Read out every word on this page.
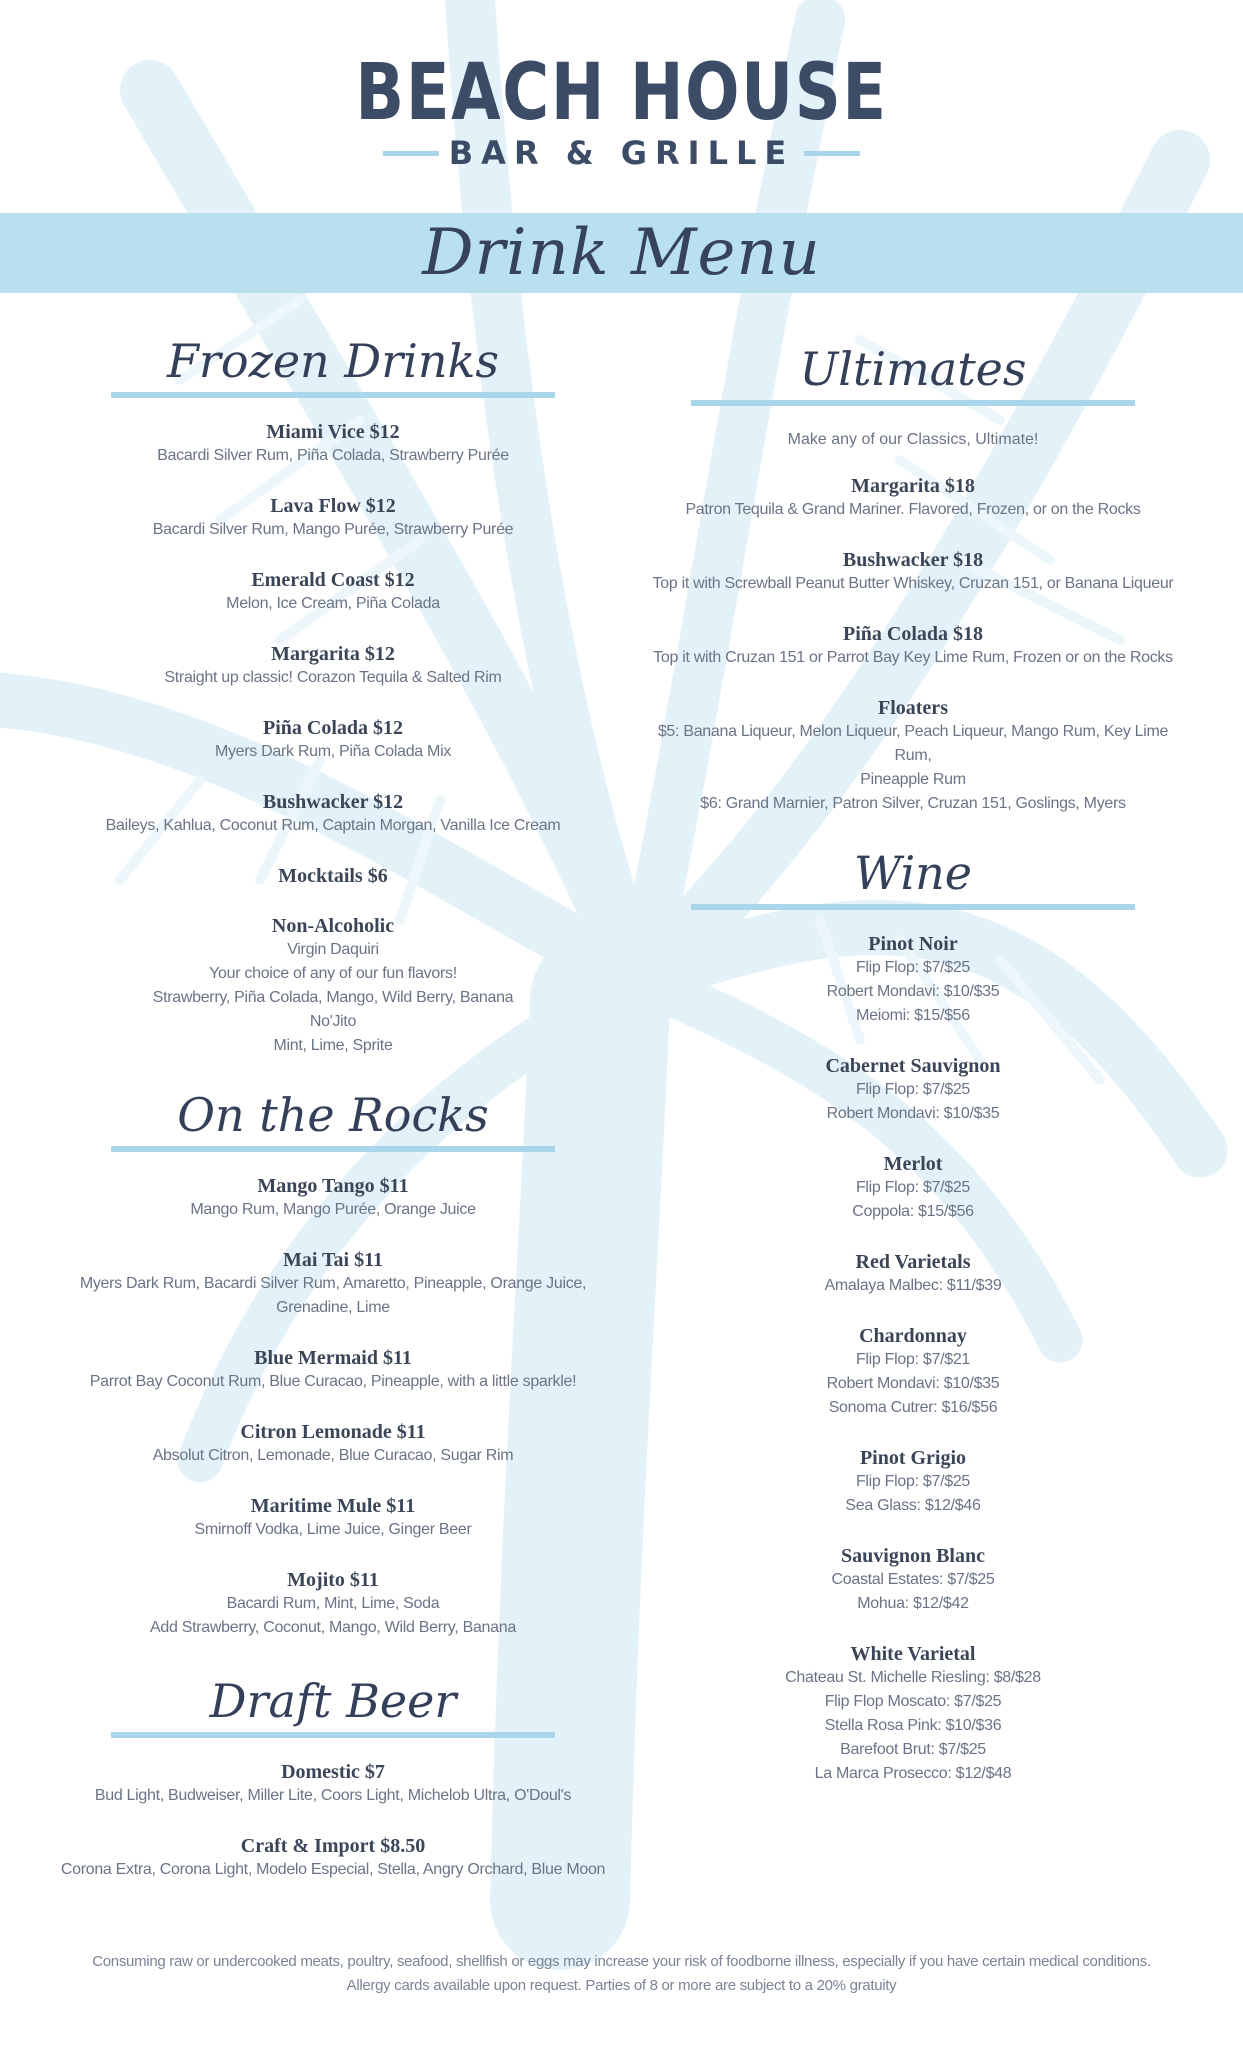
BEACH HOUSE
BAR & GRILLE
Drink Menu
Frozen Drinks
Miami Vice $12
Bacardi Silver Rum, Piña Colada, Strawberry Purée
Lava Flow $12
Bacardi Silver Rum, Mango Purée, Strawberry Purée
Emerald Coast $12
Melon, Ice Cream, Piña Colada
Margarita $12
Straight up classic! Corazon Tequila & Salted Rim
Piña Colada $12
Myers Dark Rum, Piña Colada Mix
Bushwacker $12
Baileys, Kahlua, Coconut Rum, Captain Morgan, Vanilla Ice Cream
Mocktails $6
Non-Alcoholic
Virgin Daquiri
Your choice of any of our fun flavors!
Strawberry, Piña Colada, Mango, Wild Berry, Banana
No'Jito
Mint, Lime, Sprite
On the Rocks
Mango Tango $11
Mango Rum, Mango Purée, Orange Juice
Mai Tai $11
Myers Dark Rum, Bacardi Silver Rum, Amaretto, Pineapple, Orange Juice,
Grenadine, Lime
Blue Mermaid $11
Parrot Bay Coconut Rum, Blue Curacao, Pineapple, with a little sparkle!
Citron Lemonade $11
Absolut Citron, Lemonade, Blue Curacao, Sugar Rim
Maritime Mule $11
Smirnoff Vodka, Lime Juice, Ginger Beer
Mojito $11
Bacardi Rum, Mint, Lime, Soda
Add Strawberry, Coconut, Mango, Wild Berry, Banana
Draft Beer
Domestic $7
Bud Light, Budweiser, Miller Lite, Coors Light, Michelob Ultra, O'Doul's
Craft & Import $8.50
Corona Extra, Corona Light, Modelo Especial, Stella, Angry Orchard, Blue Moon
Ultimates
Make any of our Classics, Ultimate!
Margarita $18
Patron Tequila & Grand Mariner. Flavored, Frozen, or on the Rocks
Bushwacker $18
Top it with Screwball Peanut Butter Whiskey, Cruzan 151, or Banana Liqueur
Piña Colada $18
Top it with Cruzan 151 or Parrot Bay Key Lime Rum, Frozen or on the Rocks
Floaters
$5: Banana Liqueur, Melon Liqueur, Peach Liqueur, Mango Rum, Key Lime Rum,
Pineapple Rum
$6: Grand Marnier, Patron Silver, Cruzan 151, Goslings, Myers
Wine
Pinot Noir
Flip Flop: $7/$25
Robert Mondavi: $10/$35
Meiomi: $15/$56
Cabernet Sauvignon
Flip Flop: $7/$25
Robert Mondavi: $10/$35
Merlot
Flip Flop: $7/$25
Coppola: $15/$56
Red Varietals
Amalaya Malbec: $11/$39
Chardonnay
Flip Flop: $7/$21
Robert Mondavi: $10/$35
Sonoma Cutrer: $16/$56
Pinot Grigio
Flip Flop: $7/$25
Sea Glass: $12/$46
Sauvignon Blanc
Coastal Estates: $7/$25
Mohua: $12/$42
White Varietal
Chateau St. Michelle Riesling: $8/$28
Flip Flop Moscato: $7/$25
Stella Rosa Pink: $10/$36
Barefoot Brut: $7/$25
La Marca Prosecco: $12/$48
Consuming raw or undercooked meats, poultry, seafood, shellfish or eggs may increase your risk of foodborne illness, especially if you have certain medical conditions.
Allergy cards available upon request. Parties of 8 or more are subject to a 20% gratuity
